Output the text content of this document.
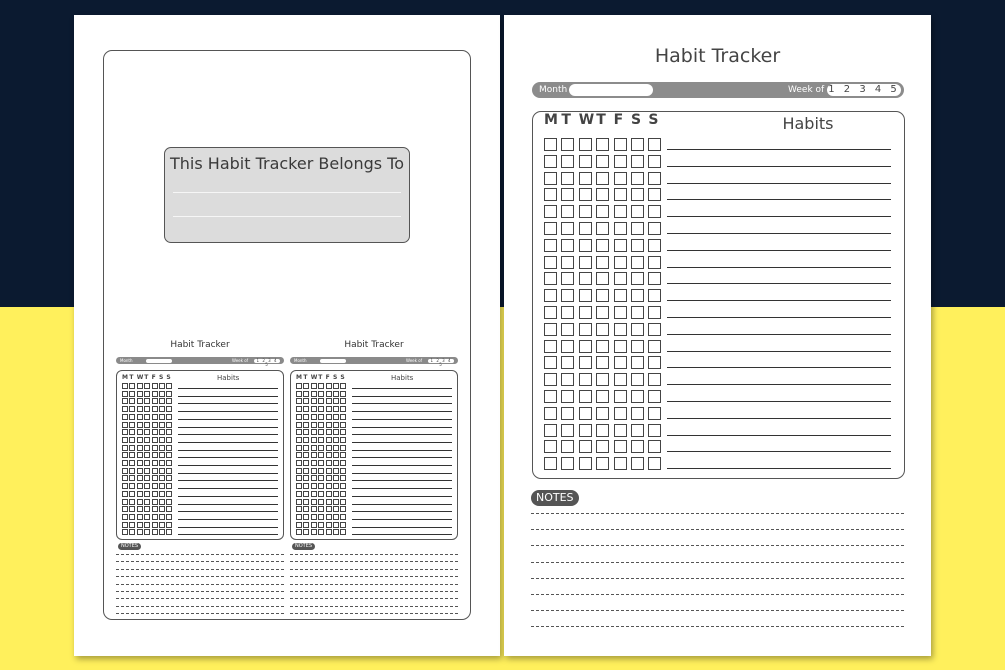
This Habit Tracker Belongs To
Habit Tracker
Month	Week of	1 2 3 4 5
Habits
M T W T F S S
NOTES
Habit Tracker
Month	Week of	1 2 3 4 5
Habits
M T W T F S S
NOTES
Habit Tracker
Month	Week of 1 2 3 4 5
Habits
M T W T F S S
NOTES
